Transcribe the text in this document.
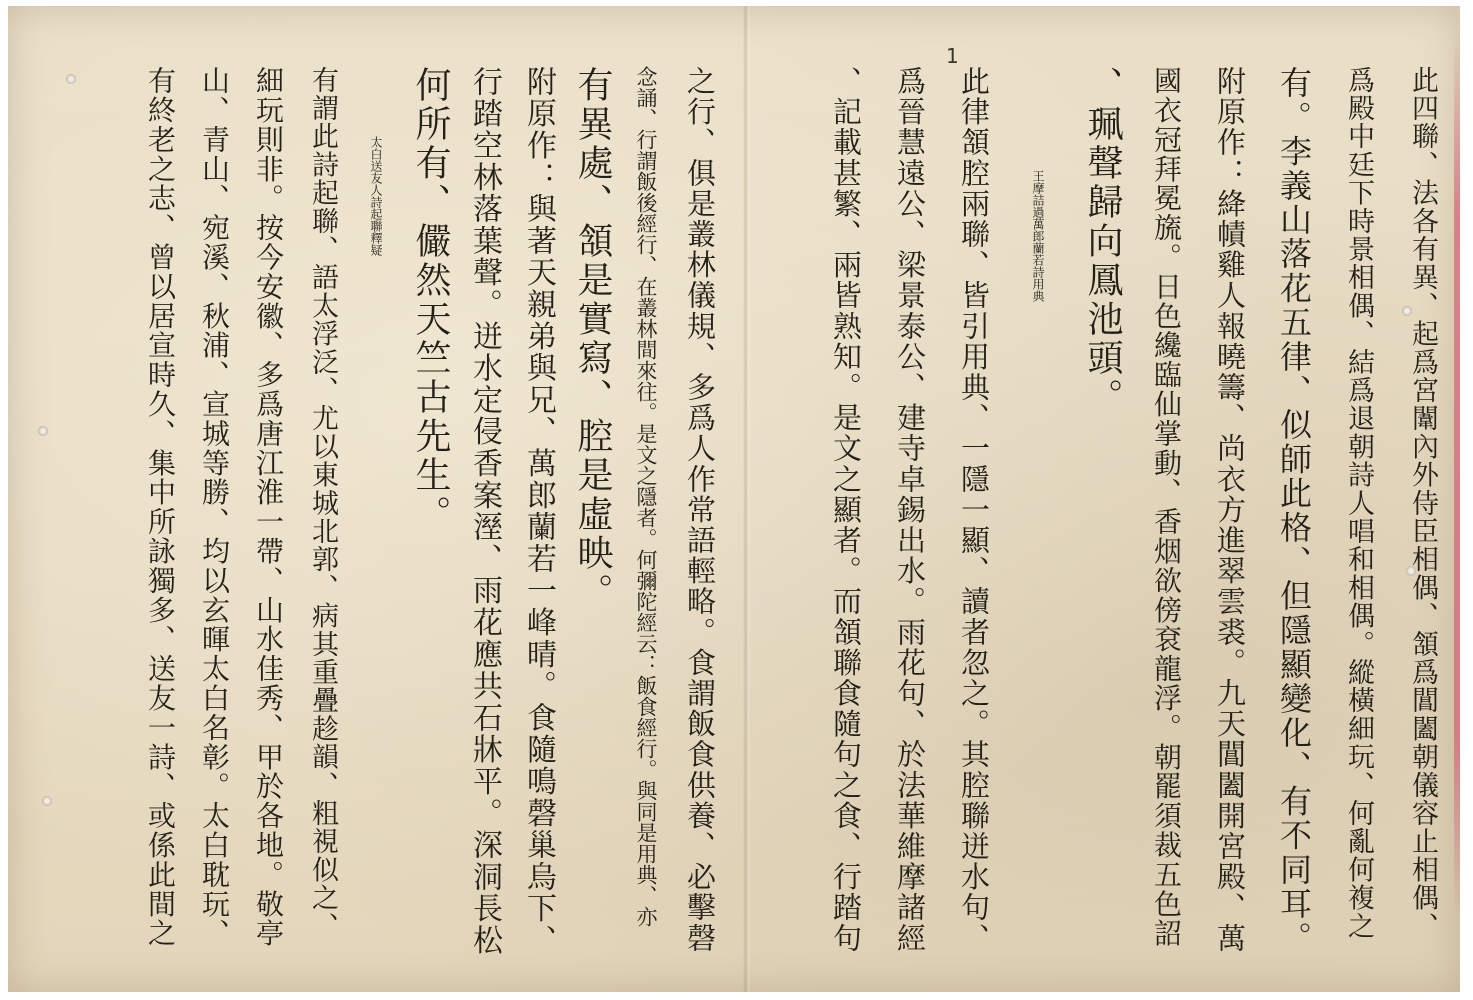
1
此四聯、法各有異、起爲宮闈內外侍臣相偶、頷爲閶闔朝儀容止相偶、
爲殿中廷下時景相偶、結爲退朝詩人唱和相偶。縱橫細玩、何亂何複之
有。李義山落花五律、似師此格、但隱顯變化、有不同耳。
附原作：絳幘雞人報曉籌、尚衣方進翠雲裘。九天閶闔開宮殿、萬
國衣冠拜冕旒。日色纔臨仙掌動、香烟欲傍袞龍浮。朝罷須裁五色詔
、珮聲歸向鳳池頭。
王摩詰過萬郎蘭若詩用典
此律頷腔兩聯、皆引用典、一隱一顯、讀者忽之。其腔聯迸水句、
爲晉慧遠公、梁景泰公、建寺卓錫出水。雨花句、於法華維摩諸經
、記載甚繁、兩皆熟知。是文之顯者。而頷聯食隨句之食、行踏句
之行、俱是叢林儀規、多爲人作常語輕略。食謂飯食供養、必擊磬
念誦、行謂飯後經行、在叢林間來往。是文之隱者。何彌陀經云：飯食經行。與同是用典、亦
有異處、頷是實寫、腔是虛映。
附原作：與著天親弟與兄、萬郎蘭若一峰晴。食隨鳴磬巢烏下、
行踏空林落葉聲。迸水定侵香案溼、雨花應共石牀平。深洞長松
何所有、儼然天竺古先生。
太白送友人詩起聯釋疑
有謂此詩起聯、語太浮泛、尤以東城北郭、病其重疊趁韻、粗視似之、
細玩則非。按今安徽、多爲唐江淮一帶、山水佳秀、甲於各地。敬亭
山、青山、宛溪、秋浦、宣城等勝、均以玄暉太白名彰。太白耽玩、
有終老之志、曾以居宣時久、集中所詠獨多、送友一詩、或係此間之
